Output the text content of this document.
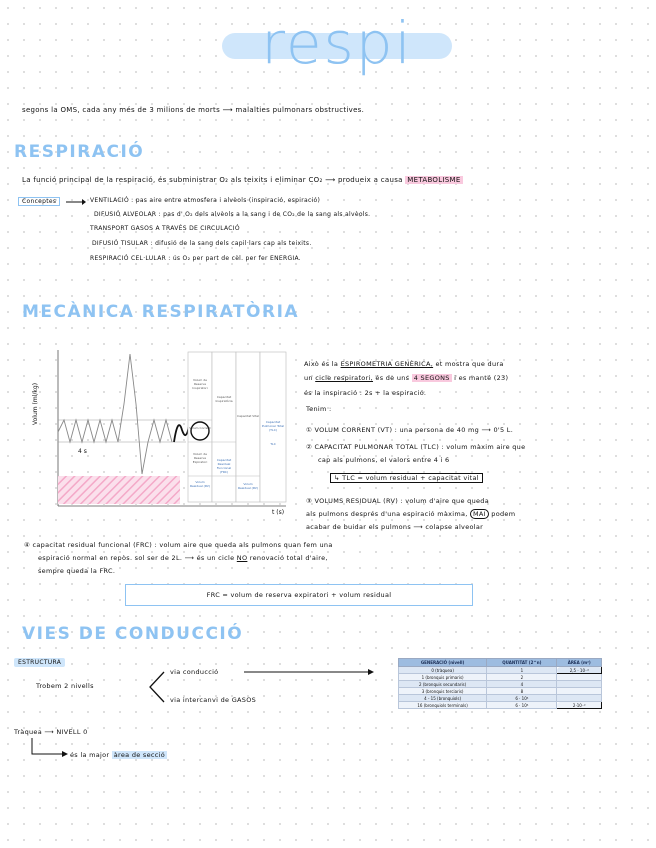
respi
segons la OMS, cada any més de 3 milions de morts ⟶ malalties pulmonars obstructives.
RESPIRACIÓ
La funció principal de la respiració, és subministrar O₂ als teixits i eliminar CO₂ ⟶ produeix a causa METABOLISME
Conceptes	VENTILACIÓ : pas aire entre atmosfera i alvèols (inspiració, espiració)
DIFUSIÓ ALVEOLAR : pas d' O₂ dels alvèols a la sang i de CO₂ de la sang als alvèols.
TRANSPORT GASOS A TRAVÉS DE CIRCULACIÓ
DIFUSIÓ TISULAR : difusió de la sang dels capil·lars cap als teixits.
RESPIRACIÓ CEL·LULAR : ús O₂ per part de cèl. per fer ENERGIA.
MECÀNICA RESPIRATÒRIA
Volum (ml/kg)
t (s)
4 s
Volum de Reserva Inspiratori
Volum Corrent
Volum de Reserva Expiratori
Volum Residual (RV)
Capacitat Inspiratòria
Capacitat Residual Funcional (FRC)
Capacitat Vital
Volum Residual (RV)
Capacitat Pulmonar Total (TLC)
TLC
Això és la ESPIROMETRIA GENÈRICA, et mostra que dura
un cicle respiratori, és de uns 4 SEGONS i es manté (23)
és la inspiració : 2s + la espiració.
Tenim :
① VOLUM CORRENT (VT) : una persona de 40 mg ⟶ 0'5 L.
② CAPACITAT PULMONAR TOTAL (TLC) : volum màxim aire que
cap als pulmons, el valors entre 4 i 6
↳ TLC = volum residual + capacitat vital
③ VOLUMS RESIDUAL (RV) : volum d'aire que queda
als pulmons després d'una espiració màxima, MAI podem
acabar de buidar els pulmons ⟶ colapse alveolar
④ capacitat residual funcional (FRC) : volum aire que queda als pulmons quan fem una
espiració normal en repòs. sol ser de 2L. ⟶ és un cicle NO renovació total d'aire,
sempre queda la FRC.
FRC = volum de reserva expiratori + volum residual
VIES DE CONDUCCIÓ
ESTRUCTURA
Trobem 2 nivells
via conducció
via intercanvi de GASOS
GENERACIÓ (nivell)	QUANTITAT (2^n)	ÀREA (m²)
0 (tràquea)	1	2,5 · 10⁻⁴
1 (bronquis primaris)	2	
2 (bronquis secundaris)	4	
3 (bronquis terciaris)	8	
4 - 15 (bronquiols)	6 · 10⁴	
16 (bronquiols terminals)	6 · 10⁴	2·10⁻²
Tràquea ⟶ NIVELL 0
és la major àrea de secció
